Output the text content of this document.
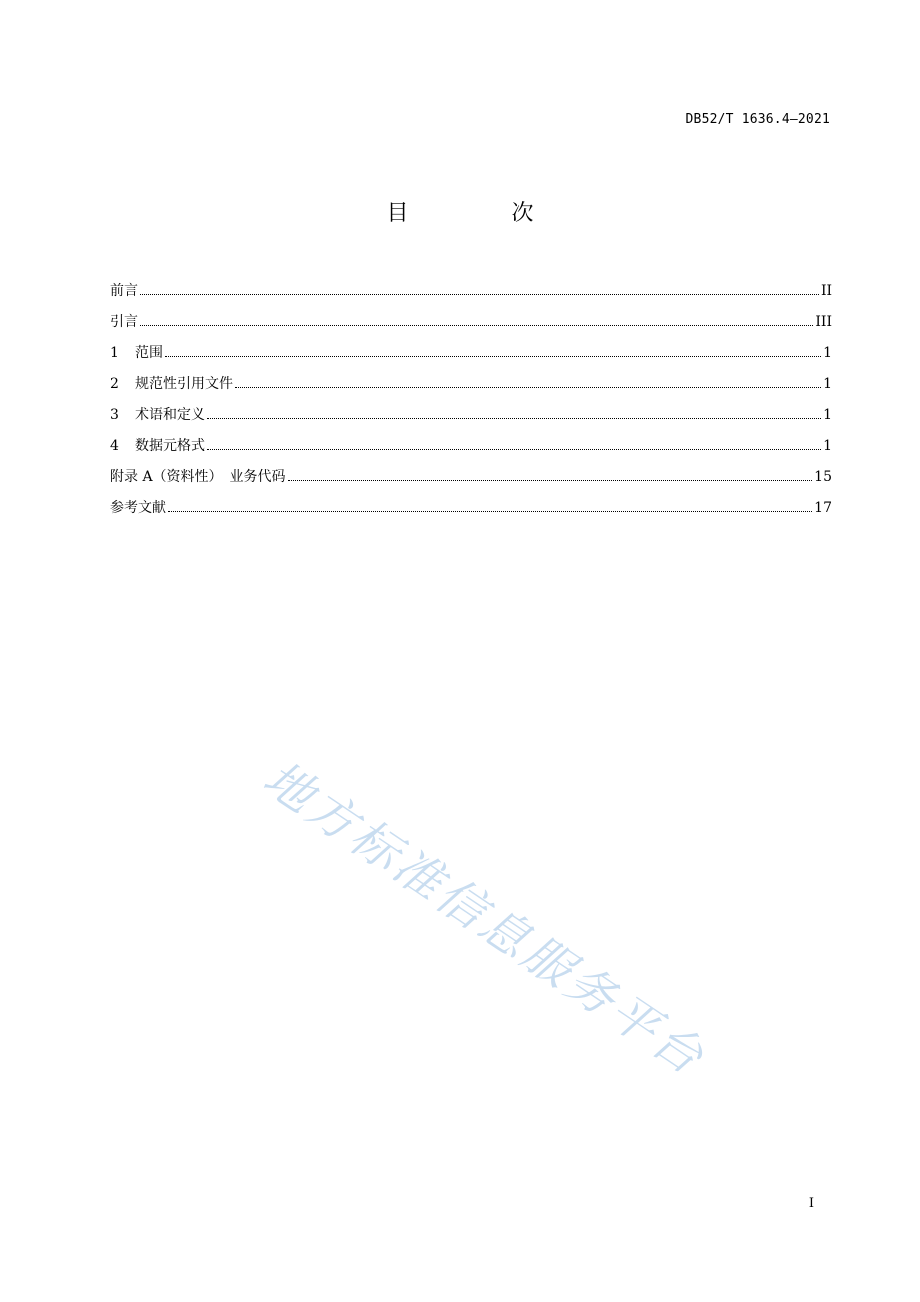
DB52/T 1636.4—2021
目 次
前言	II
引言	III
1	范围	1
2	规范性引用文件	1
3	术语和定义	1
4	数据元格式	1
附录 A（资料性）　业务代码	15
参考文献	17
地方标准信息服务平台
I
